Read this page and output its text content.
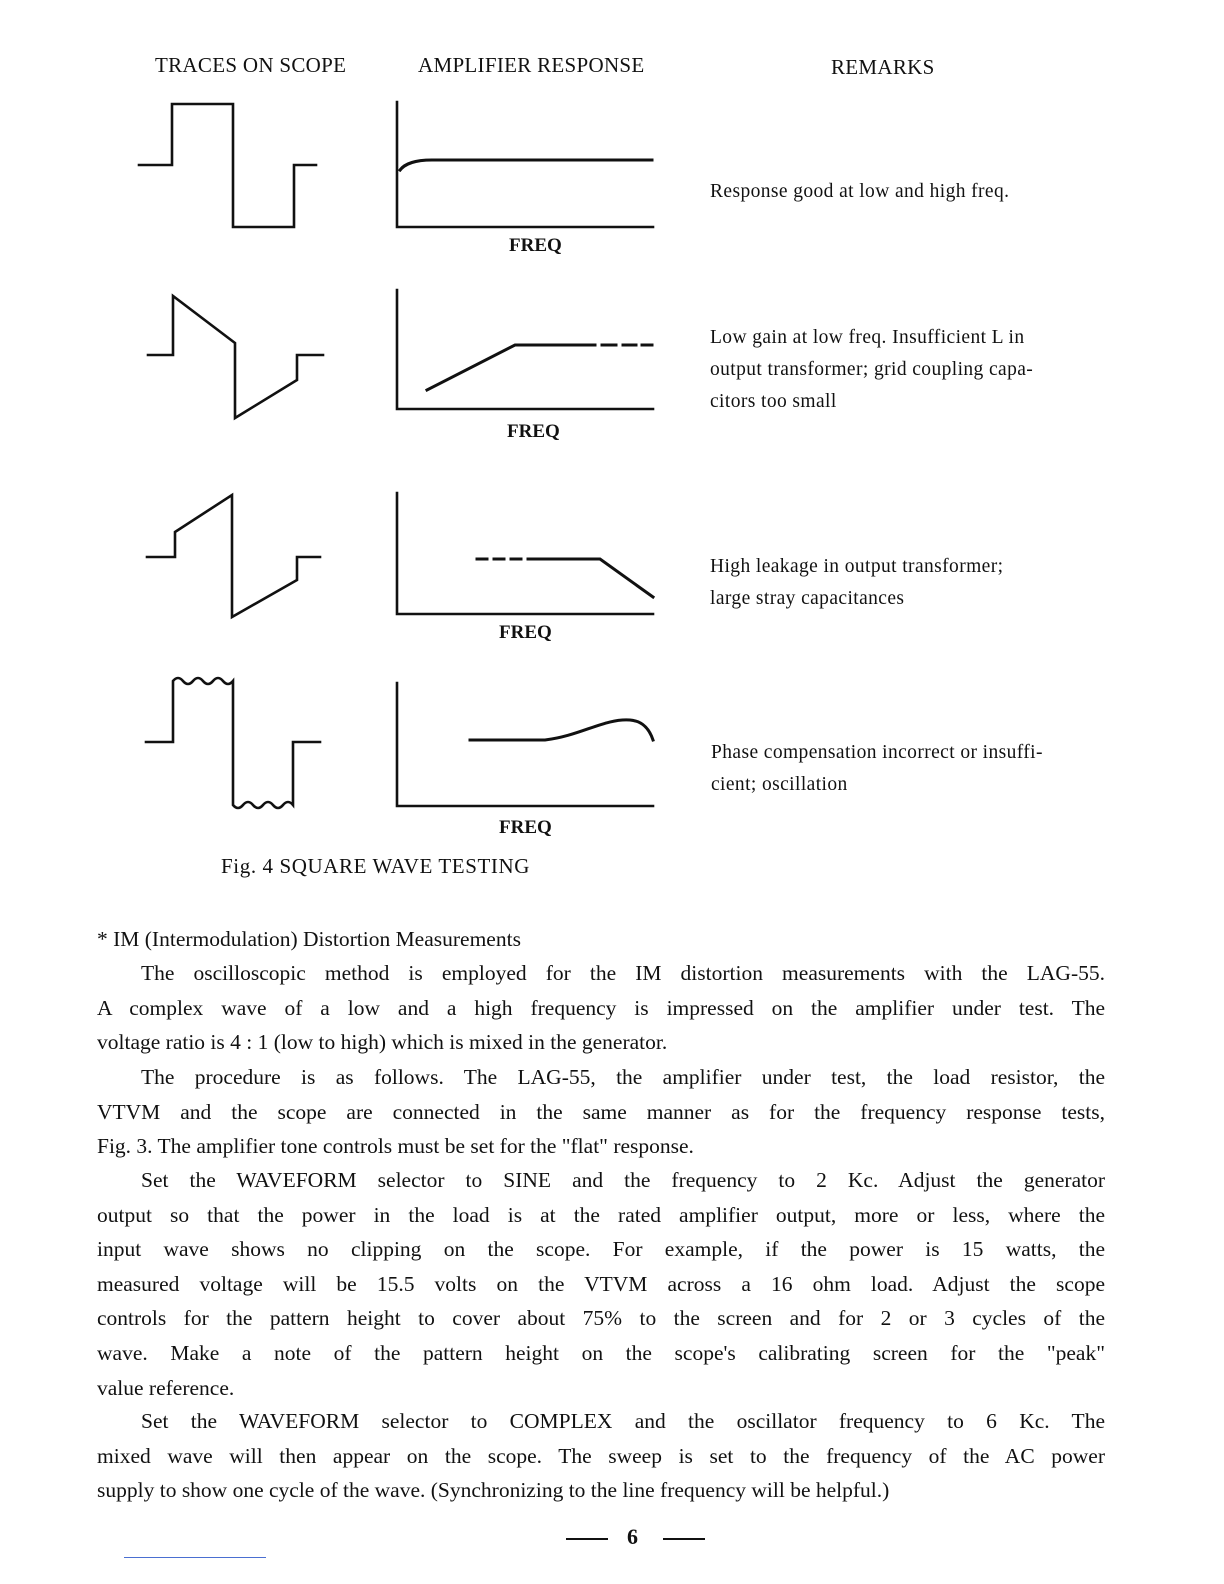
TRACES ON SCOPE	AMPLIFIER RESPONSE	REMARKS
FREQ
FREQ
FREQ
FREQ
Response good at low and high freq.
Low gain at low freq. Insufficient L in
output transformer; grid coupling capa-
citors too small
High leakage in output transformer;
large stray capacitances
Phase compensation incorrect or insuffi-
cient; oscillation
Fig. 4 SQUARE WAVE TESTING
* IM (Intermodulation) Distortion Measurements
The oscilloscopic method is employed for the IM distortion measurements with the LAG-55.
A complex wave of a low and a high frequency is impressed on the amplifier under test. The
voltage ratio is 4 : 1 (low to high) which is mixed in the generator.
The procedure is as follows. The LAG-55, the amplifier under test, the load resistor, the
VTVM and the scope are connected in the same manner as for the frequency response tests,
Fig. 3. The amplifier tone controls must be set for the "flat" response.
Set the WAVEFORM selector to SINE and the frequency to 2 Kc. Adjust the generator
output so that the power in the load is at the rated amplifier output, more or less, where the
input wave shows no clipping on the scope. For example, if the power is 15 watts, the
measured voltage will be 15.5 volts on the VTVM across a 16 ohm load. Adjust the scope
controls for the pattern height to cover about 75% to the screen and for 2 or 3 cycles of the
wave. Make a note of the pattern height on the scope's calibrating screen for the "peak"
value reference.
Set the WAVEFORM selector to COMPLEX and the oscillator frequency to 6 Kc. The
mixed wave will then appear on the scope. The sweep is set to the frequency of the AC power
supply to show one cycle of the wave. (Synchronizing to the line frequency will be helpful.)
6
